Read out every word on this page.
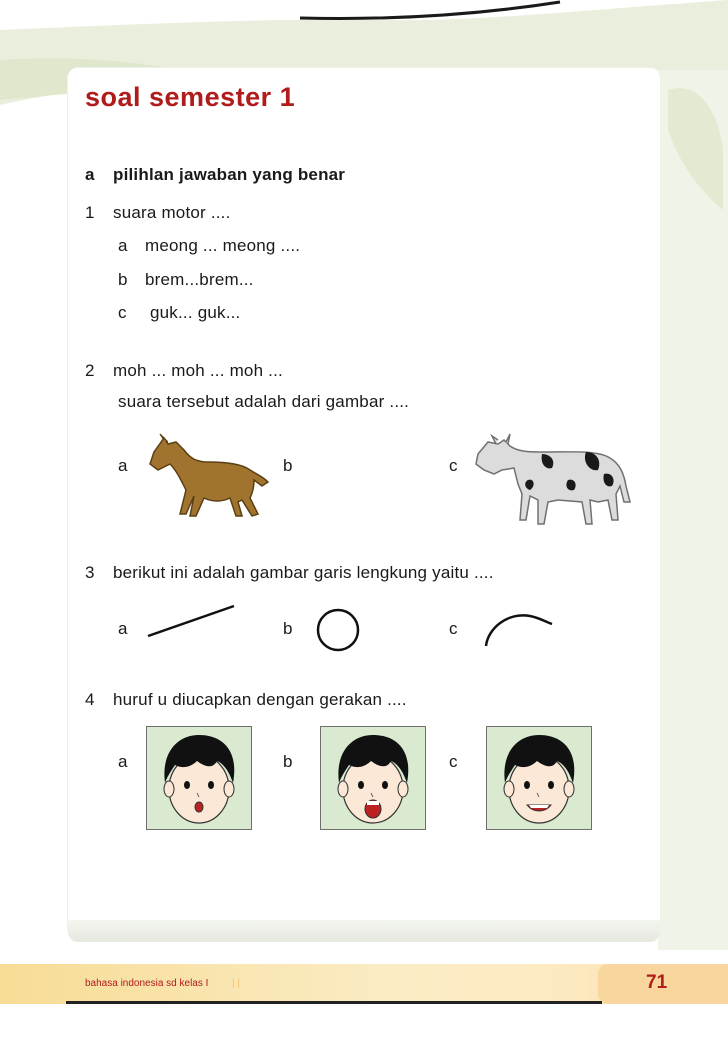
soal semester 1
a pilihlan jawaban yang benar
1 suara motor ....
a meong ... meong ....
b brem...brem...
c guk... guk...
2 moh ... moh ... moh ...
suara tersebut adalah dari gambar ....
a	b	c
3 berikut ini adalah gambar garis lengkung yaitu ....
a	b	c
4 huruf u diucapkan dengan gerakan ....
a	b	c
bahasa indonesia sd kelas I | |	71
